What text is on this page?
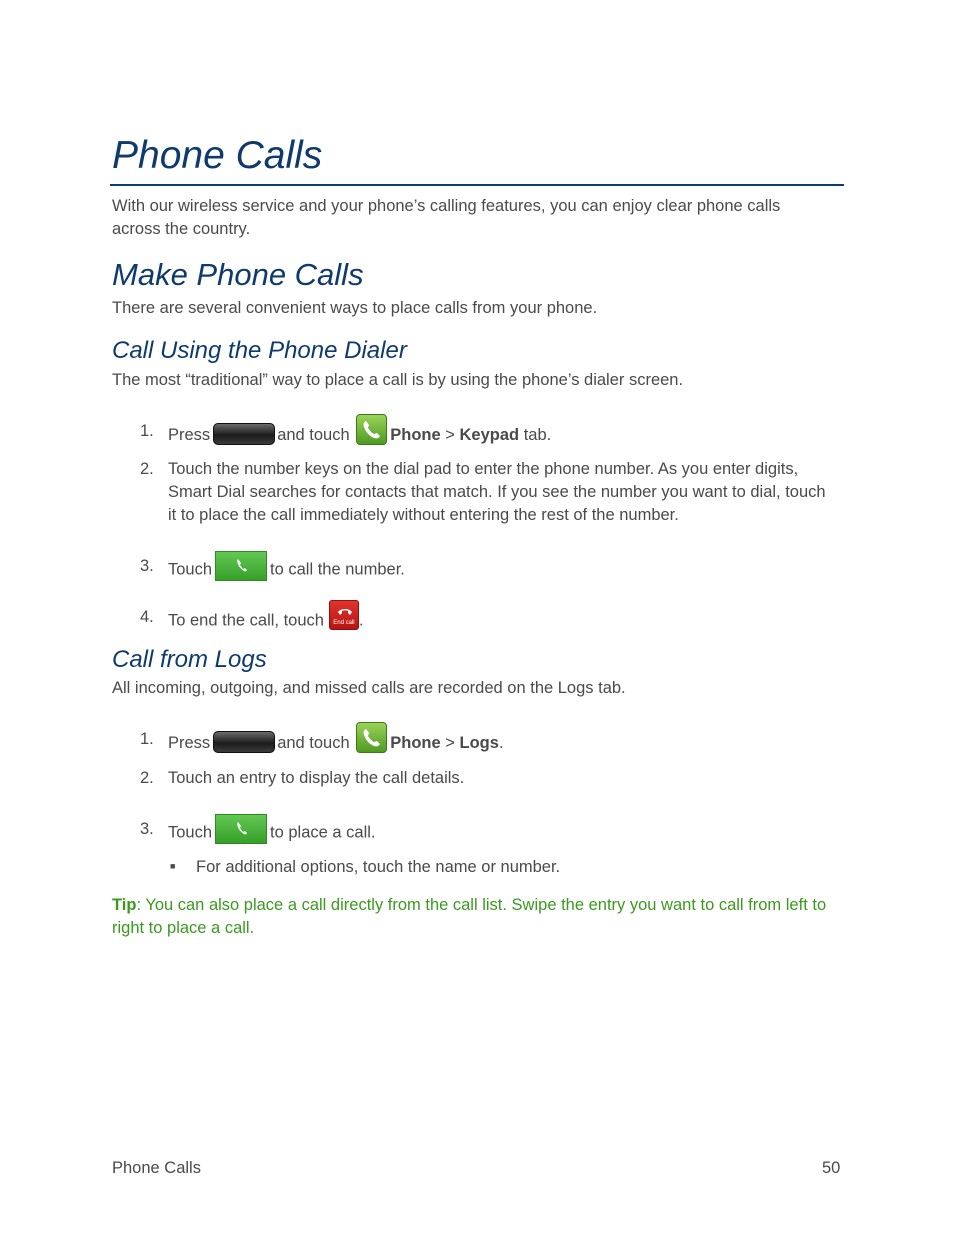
Phone Calls

With our wireless service and your phone’s calling features, you can enjoy clear phone calls across the country.

Make Phone Calls

There are several convenient ways to place calls from your phone.

Call Using the Phone Dialer

The most “traditional” way to place a call is by using the phone’s dialer screen.

1. Press	and touch Phone > Keypad tab.
2. Touch the number keys on the dial pad to enter the phone number. As you enter digits, Smart Dial searches for contacts that match. If you see the number you want to dial, touch it to place the call immediately without entering the rest of the number.

3. Touch	to call the number.
4. To end the call, touch	End call .
Call from Logs

All incoming, outgoing, and missed calls are recorded on the Logs tab.

1. Press	and touch Phone > Logs.
2. Touch an entry to display the call details.

3. Touch	to place a call.
■ For additional options, touch the name or number.

Tip: You can also place a call directly from the call list. Swipe the entry you want to call from left to right to place a call.

Phone Calls	50
